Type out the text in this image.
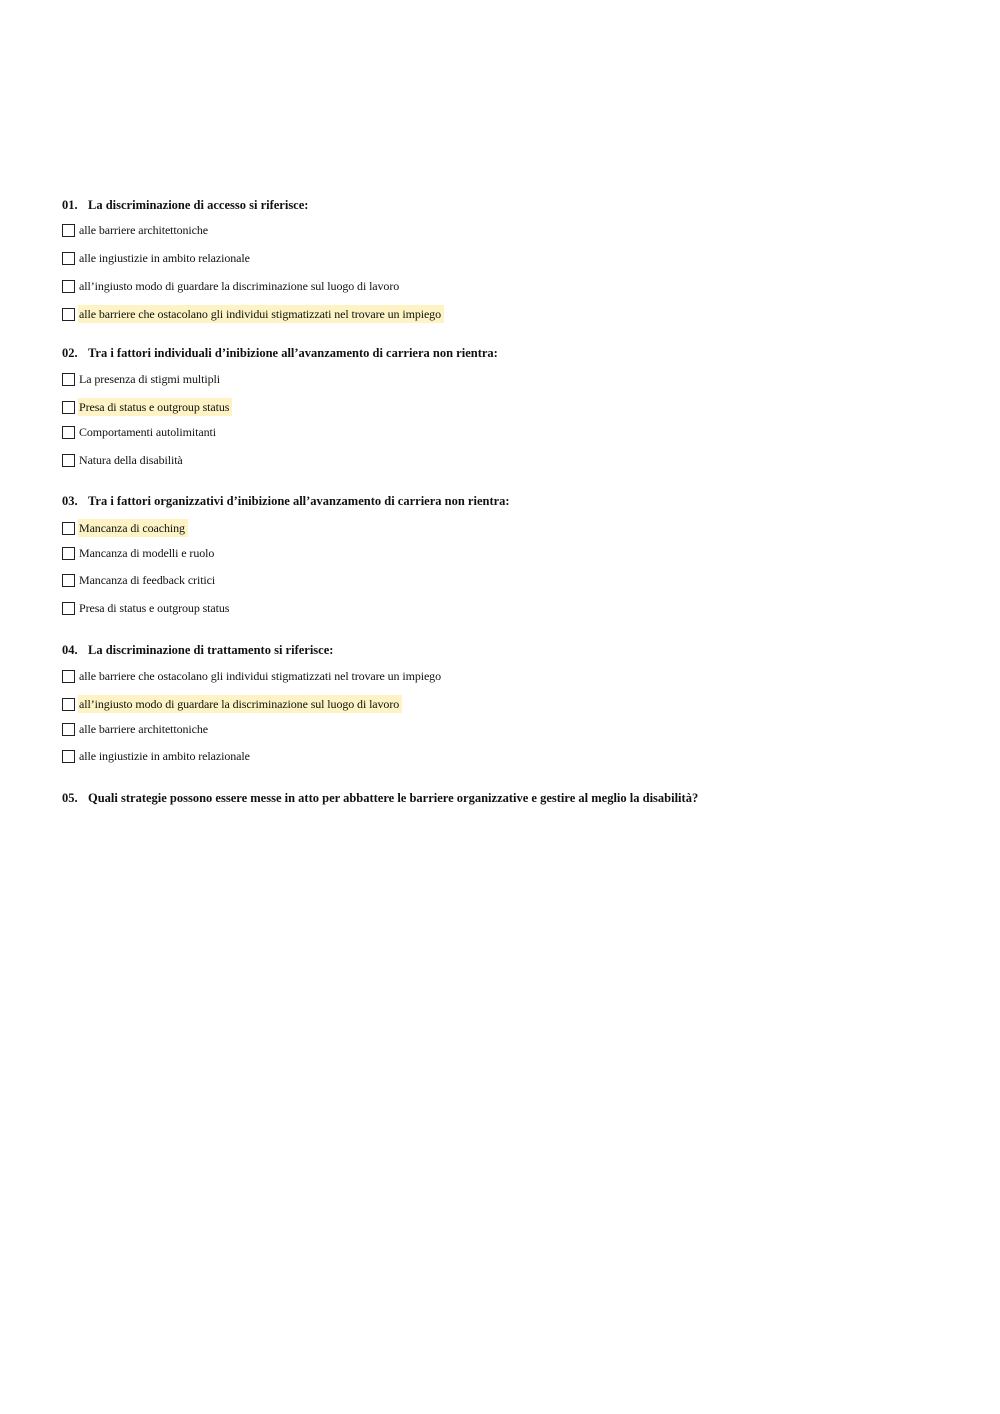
01. La discriminazione di accesso si riferisce:
alle barriere architettoniche
alle ingiustizie in ambito relazionale
all’ingiusto modo di guardare la discriminazione sul luogo di lavoro
alle barriere che ostacolano gli individui stigmatizzati nel trovare un impiego
02. Tra i fattori individuali d’inibizione all’avanzamento di carriera non rientra:
La presenza di stigmi multipli
Presa di status e outgroup status
Comportamenti autolimitanti
Natura della disabilità
03. Tra i fattori organizzativi d’inibizione all’avanzamento di carriera non rientra:
Mancanza di coaching
Mancanza di modelli e ruolo
Mancanza di feedback critici
Presa di status e outgroup status
04. La discriminazione di trattamento si riferisce:
alle barriere che ostacolano gli individui stigmatizzati nel trovare un impiego
all’ingiusto modo di guardare la discriminazione sul luogo di lavoro
alle barriere architettoniche
alle ingiustizie in ambito relazionale
05. Quali strategie possono essere messe in atto per abbattere le barriere organizzative e gestire al meglio la disabilità?
